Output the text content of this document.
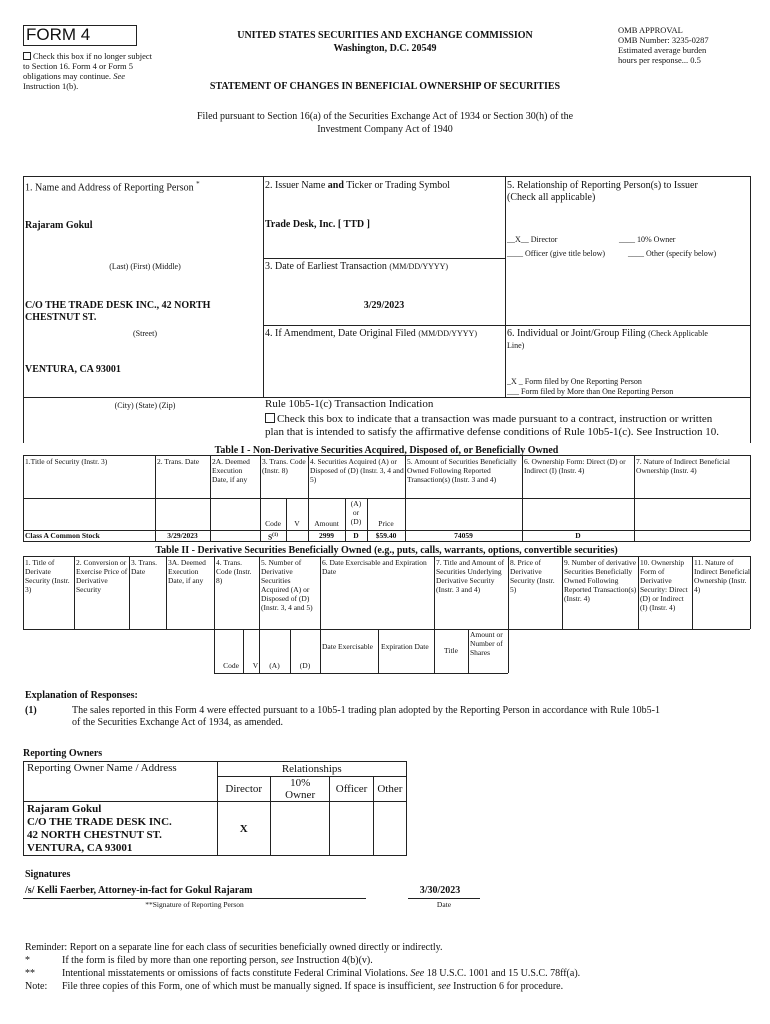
FORM 4
Check this box if no longer subject to Section 16. Form 4 or Form 5 obligations may continue. See Instruction 1(b).
UNITED STATES SECURITIES AND EXCHANGE COMMISSION
Washington, D.C. 20549
STATEMENT OF CHANGES IN BENEFICIAL OWNERSHIP OF SECURITIES
Filed pursuant to Section 16(a) of the Securities Exchange Act of 1934 or Section 30(h) of the
Investment Company Act of 1940
OMB APPROVAL
OMB Number: 3235-0287
Estimated average burden
hours per response... 0.5
1. Name and Address of Reporting Person *
Rajaram Gokul
(Last) (First) (Middle)
C/O THE TRADE DESK INC., 42 NORTH CHESTNUT ST.
(Street)
VENTURA, CA 93001
(City) (State) (Zip)
2. Issuer Name and Ticker or Trading Symbol
Trade Desk, Inc. [ TTD ]
3. Date of Earliest Transaction (MM/DD/YYYY)
3/29/2023
4. If Amendment, Date Original Filed (MM/DD/YYYY)
5. Relationship of Reporting Person(s) to Issuer
(Check all applicable)
__X__ Director	____ 10% Owner
____ Officer (give title below)	____ Other (specify below)
6. Individual or Joint/Group Filing (Check Applicable
Line)
_X _ Form filed by One Reporting Person
___ Form filed by More than One Reporting Person
Rule 10b5-1(c) Transaction Indication
Check this box to indicate that a transaction was made pursuant to a contract, instruction or written
plan that is intended to satisfy the affirmative defense conditions of Rule 10b5-1(c). See Instruction 10.
Table I - Non-Derivative Securities Acquired, Disposed of, or Beneficially Owned
1.Title of Security (Instr. 3)	2. Trans. Date	2A. Deemed Execution Date, if any
3. Trans. Code (Instr. 8)
4. Securities Acquired (A) or Disposed of (D) (Instr. 3, 4 and 5)
5. Amount of Securities Beneficially Owned Following Reported Transaction(s) (Instr. 3 and 4)
6. Ownership Form: Direct (D) or Indirect (I) (Instr. 4)
7. Nature of Indirect Beneficial Ownership (Instr. 4)
Code	V	Amount
(A)
or
(D)	Price
Class A Common Stock	3/29/2023	$S^{(1)}$	2999	D	$59.40	74059	D
Table II - Derivative Securities Beneficially Owned (e.g., puts, calls, warrants, options, convertible securities)
1. Title of Derivate Security (Instr. 3)
2. Conversion or Exercise Price of Derivative Security
3. Trans. Date
3A. Deemed Execution Date, if any
4. Trans. Code (Instr. 8)
5. Number of Derivative Securities Acquired (A) or Disposed of (D) (Instr. 3, 4 and 5)
6. Date Exercisable and Expiration Date
7. Title and Amount of Securities Underlying Derivative Security (Instr. 3 and 4)
8. Price of Derivative Security (Instr. 5)
9. Number of derivative Securities Beneficially Owned Following Reported Transaction(s) (Instr. 4)
10. Ownership Form of Derivative Security: Direct (D) or Indirect (I) (Instr. 4)
11. Nature of Indirect Beneficial Ownership (Instr. 4)
Code	V	(A)	(D)
Date Exercisable	Expiration Date	Title
Amount or Number of Shares
Explanation of Responses:
(1)	The sales reported in this Form 4 were effected pursuant to a 10b5-1 trading plan adopted by the Reporting Person in accordance with Rule 10b5-1
of the Securities Exchange Act of 1934, as amended.
Reporting Owners
Reporting Owner Name / Address	Relationships			
	Director	10% Owner	Officer	Other

Rajaram Gokul
C/O THE TRADE DESK INC.
42 NORTH CHESTNUT ST.
VENTURA, CA 93001	X			
Signatures
/s/ Kelli Faerber, Attorney-in-fact for Gokul Rajaram
**Signature of Reporting Person
3/30/2023
Date
Reminder: Report on a separate line for each class of securities beneficially owned directly or indirectly.
*	If the form is filed by more than one reporting person, see Instruction 4(b)(v).
**	Intentional misstatements or omissions of facts constitute Federal Criminal Violations. See 18 U.S.C. 1001 and 15 U.S.C. 78ff(a).
Note: File three copies of this Form, one of which must be manually signed. If space is insufficient, see Instruction 6 for procedure.
